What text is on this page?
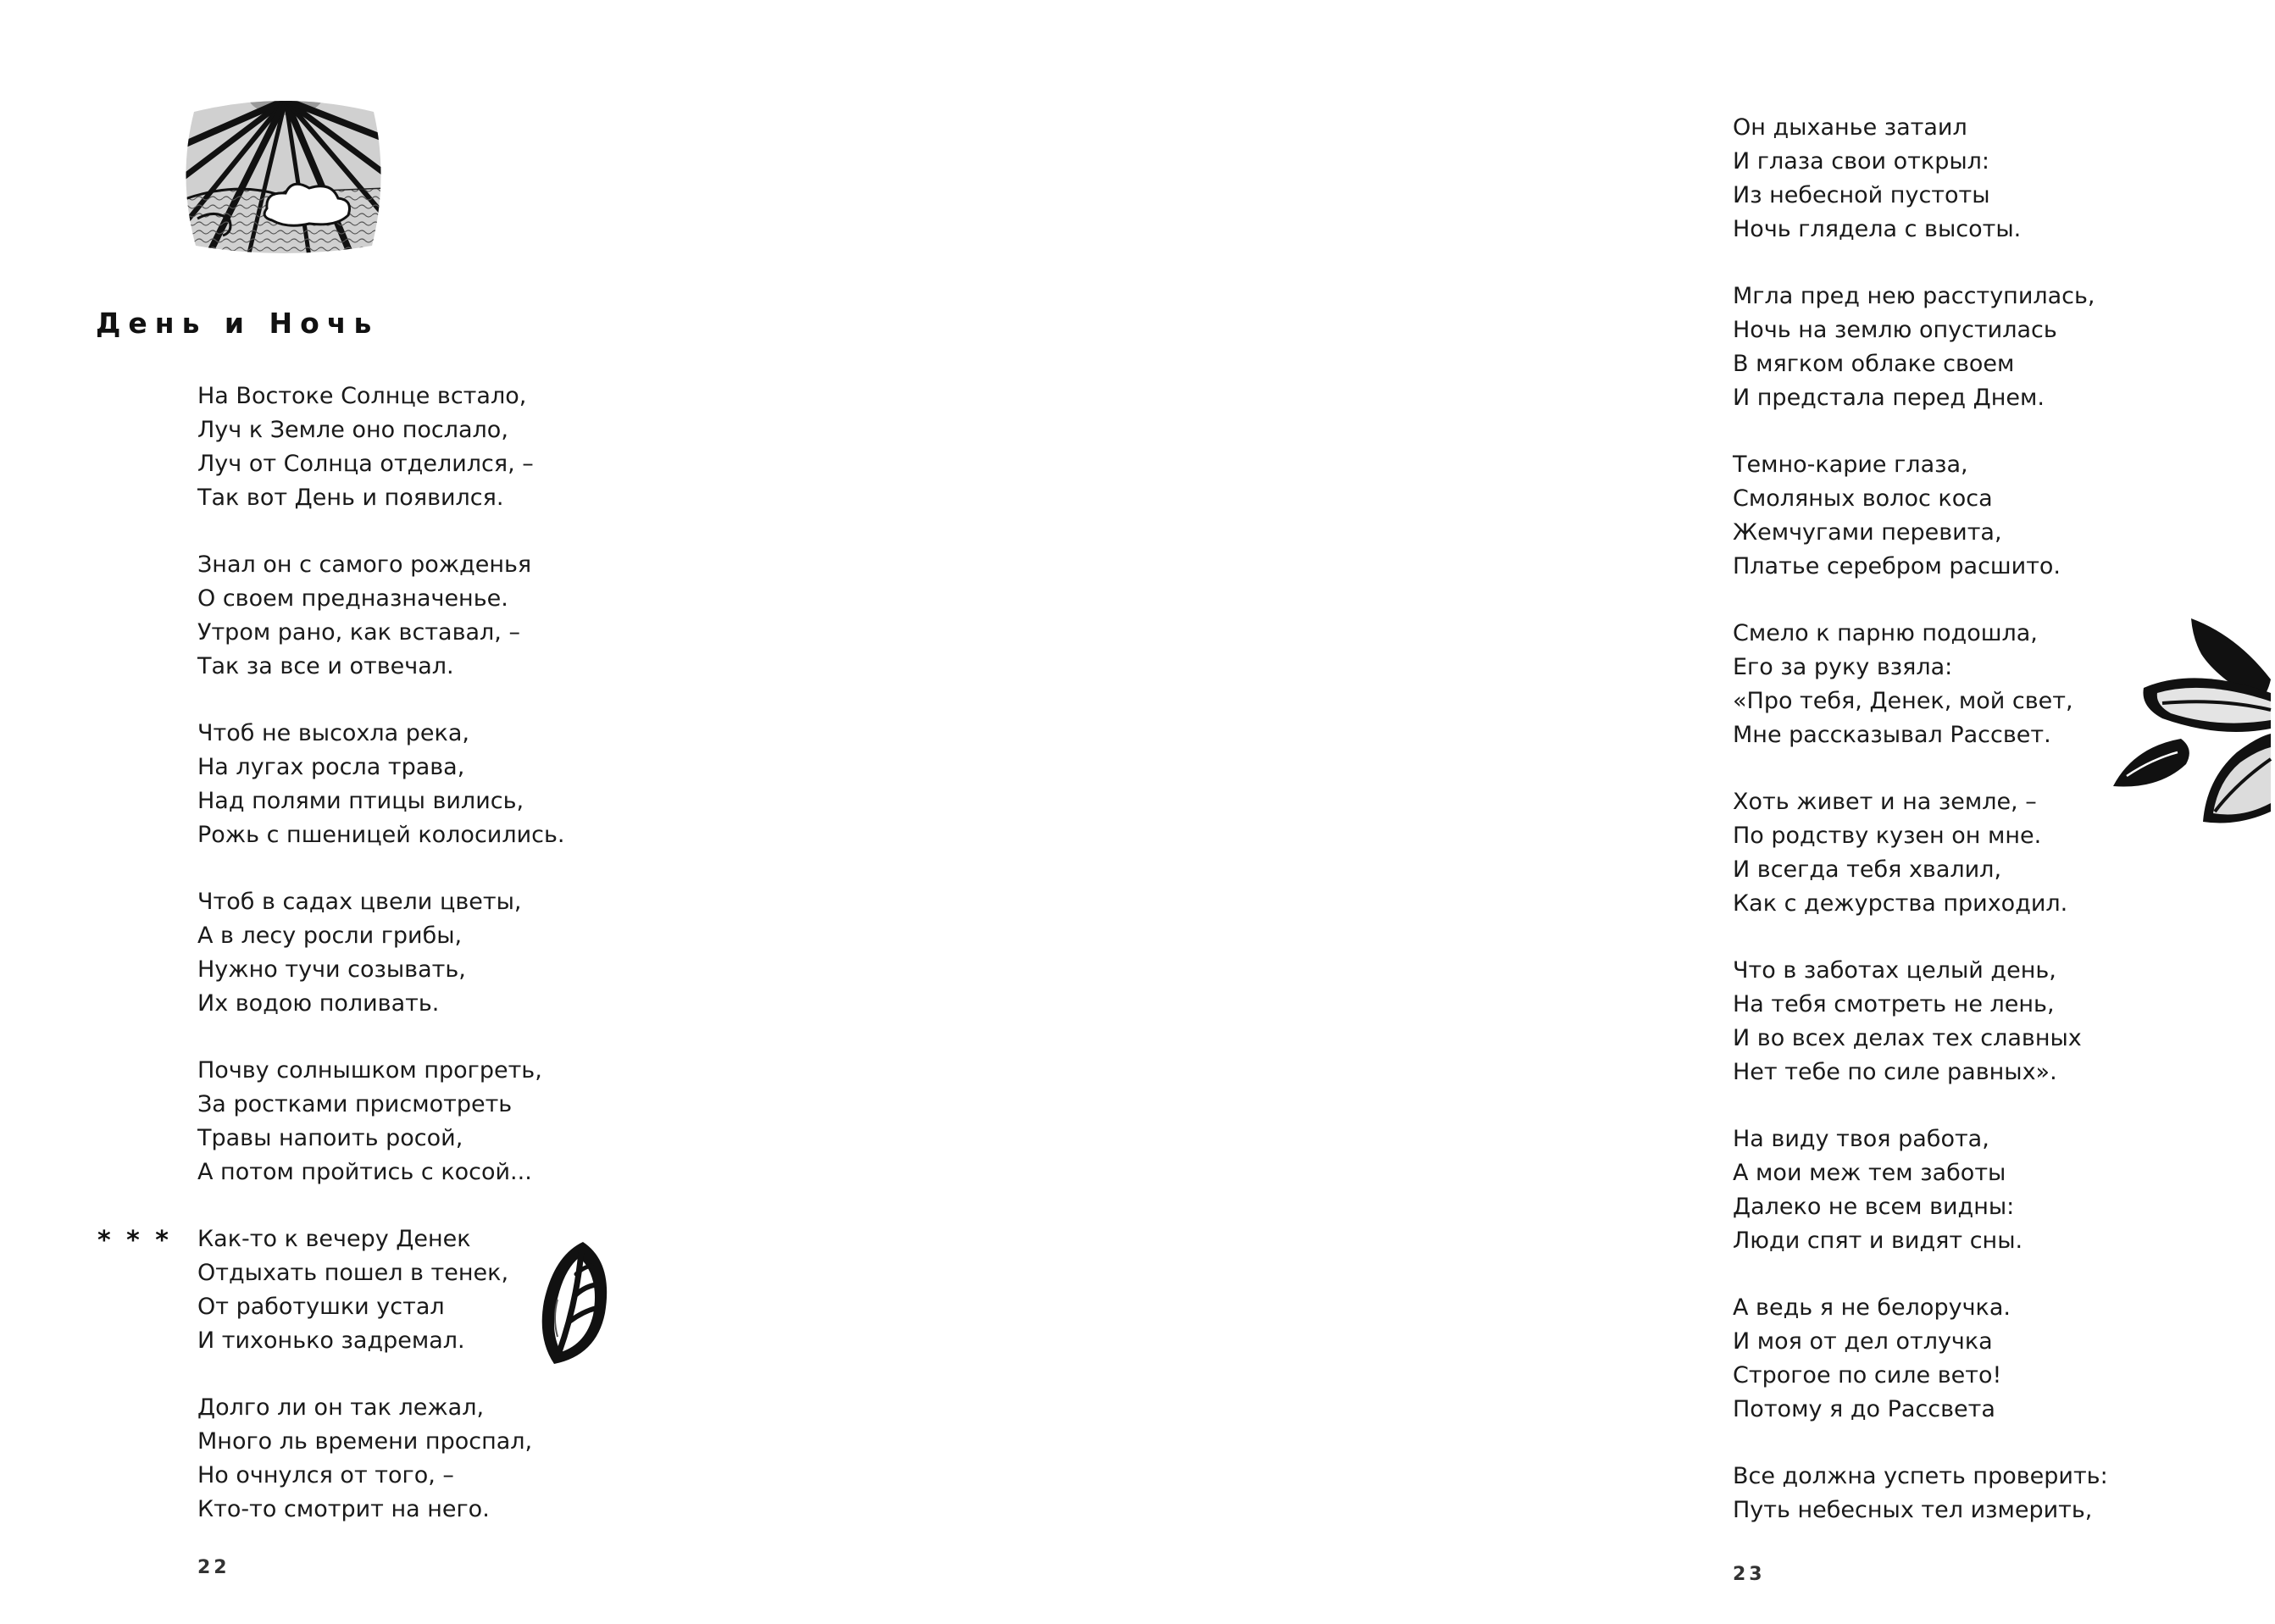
День и Ночь
На Востоке Солнце встало,
Луч к Земле оно послало,
Луч от Солнца отделился, –
Так вот День и появился.
Знал он с самого рожденья
О своем предназначенье.
Утром рано, как вставал, –
Так за все и отвечал.
Чтоб не высохла река,
На лугах росла трава,
Над полями птицы вились,
Рожь с пшеницей колосились.
Чтоб в садах цвели цветы,
А в лесу росли грибы,
Нужно тучи созывать,
Их водою поливать.
Почву солнышком прогреть,
За ростками присмотреть
Травы напоить росой,
А потом пройтись с косой...
* * * Как-то к вечеру Денек
Отдыхать пошел в тенек,
От работушки устал
И тихонько задремал.
Долго ли он так лежал,
Много ль времени проспал,
Но очнулся от того, –
Кто-то смотрит на него.
22
Он дыханье затаил
И глаза свои открыл:
Из небесной пустоты
Ночь глядела с высоты.
Мгла пред нею расступилась,
Ночь на землю опустилась
В мягком облаке своем
И предстала перед Днем.
Темно-карие глаза,
Смоляных волос коса
Жемчугами перевита,
Платье серебром расшито.
Смело к парню подошла,
Его за руку взяла:
«Про тебя, Денек, мой свет,
Мне рассказывал Рассвет.
Хоть живет и на земле, –
По родству кузен он мне.
И всегда тебя хвалил,
Как с дежурства приходил.
Что в заботах целый день,
На тебя смотреть не лень,
И во всех делах тех славных
Нет тебе по силе равных».
На виду твоя работа,
А мои меж тем заботы
Далеко не всем видны:
Люди спят и видят сны.
А ведь я не белоручка.
И моя от дел отлучка
Строгое по силе вето!
Потому я до Рассвета
Все должна успеть проверить:
Путь небесных тел измерить,
23
